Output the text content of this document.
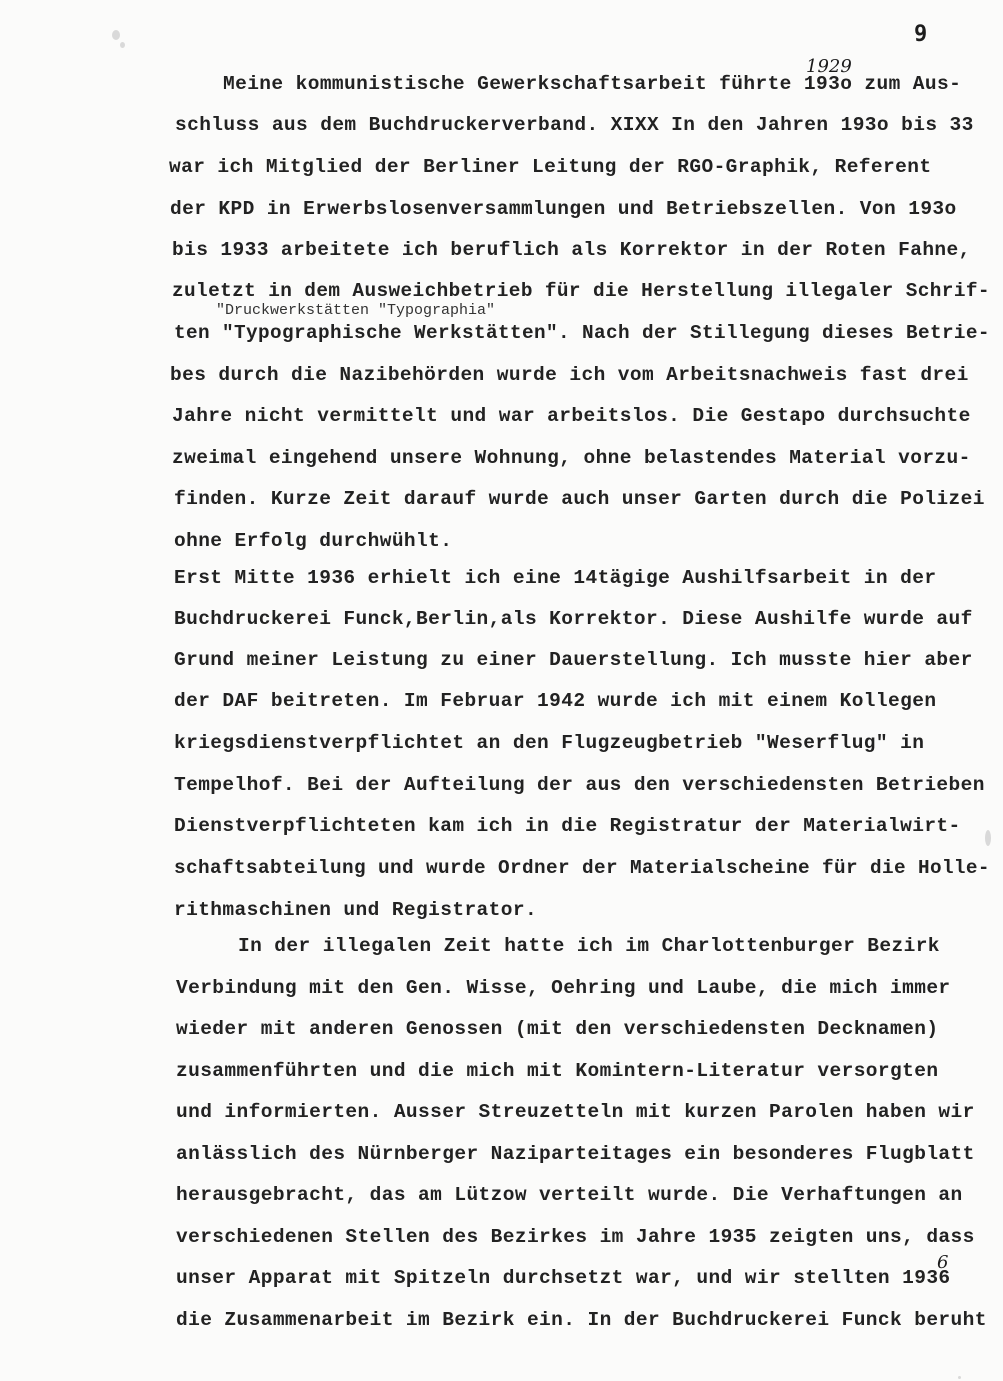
9
1929
"Druckwerkstätten "Typographia"
Meine kommunistische Gewerkschaftsarbeit führte 193o zum Aus-
schluss aus dem Buchdruckerverband. XIXX In den Jahren 193o bis 33
war ich Mitglied der Berliner Leitung der RGO-Graphik, Referent
der KPD in Erwerbslosenversammlungen und Betriebszellen. Von 193o
bis 1933 arbeitete ich beruflich als Korrektor in der Roten Fahne,
zuletzt in dem Ausweichbetrieb für die Herstellung illegaler Schrif-
ten "Typographische Werkstätten". Nach der Stillegung dieses Betrie-
bes durch die Nazibehörden wurde ich vom Arbeitsnachweis fast drei
Jahre nicht vermittelt und war arbeitslos. Die Gestapo durchsuchte
zweimal eingehend unsere Wohnung, ohne belastendes Material vorzu-
finden. Kurze Zeit darauf wurde auch unser Garten durch die Polizei
ohne Erfolg durchwühlt.
Erst Mitte 1936 erhielt ich eine 14tägige Aushilfsarbeit in der
Buchdruckerei Funck,Berlin,als Korrektor. Diese Aushilfe wurde auf
Grund meiner Leistung zu einer Dauerstellung. Ich musste hier aber
der DAF beitreten. Im Februar 1942 wurde ich mit einem Kollegen
kriegsdienstverpflichtet an den Flugzeugbetrieb "Weserflug" in
Tempelhof. Bei der Aufteilung der aus den verschiedensten Betrieben
Dienstverpflichteten kam ich in die Registratur der Materialwirt-
schaftsabteilung und wurde Ordner der Materialscheine für die Holle-
rithmaschinen und Registrator.
In der illegalen Zeit hatte ich im Charlottenburger Bezirk
Verbindung mit den Gen. Wisse, Oehring und Laube, die mich immer
wieder mit anderen Genossen (mit den verschiedensten Decknamen)
zusammenführten und die mich mit Komintern-Literatur versorgten
und informierten. Ausser Streuzetteln mit kurzen Parolen haben wir
anlässlich des Nürnberger Naziparteitages ein besonderes Flugblatt
herausgebracht, das am Lützow verteilt wurde. Die Verhaftungen an
verschiedenen Stellen des Bezirkes im Jahre 1935 zeigten uns, dass
unser Apparat mit Spitzeln durchsetzt war, und wir stellten 1936
die Zusammenarbeit im Bezirk ein. In der Buchdruckerei Funck beruht
6
